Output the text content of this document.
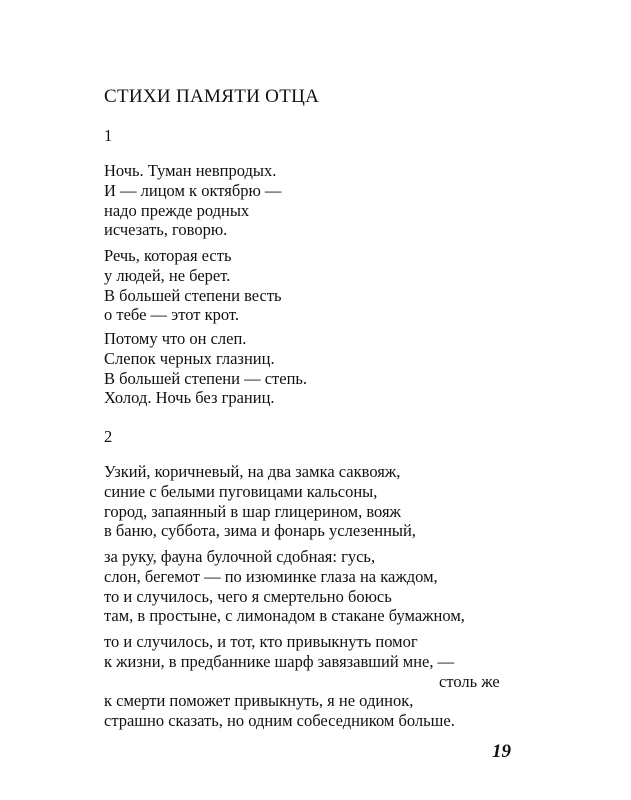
СТИХИ ПАМЯТИ ОТЦА

1

Ночь. Туман невпродых.
И — лицом к октябрю —
надо прежде родных
исчезать, говорю.
Речь, которая есть
у людей, не берет.
В большей степени весть
о тебе — этот крот.
Потому что он слеп.
Слепок черных глазниц.
В большей степени — степь.
Холод. Ночь без границ.

2

Узкий, коричневый, на два замка саквояж,
синие с белыми пуговицами кальсоны,
город, запаянный в шар глицерином, вояж
в баню, суббота, зима и фонарь услезенный,
за руку, фауна булочной сдобная: гусь,
слон, бегемот — по изюминке глаза на каждом,
то и случилось, чего я смертельно боюсь
там, в простыне, с лимонадом в стакане бумажном,
то и случилось, и тот, кто привыкнуть помог
к жизни, в предбаннике шарф завязавший мне, —
столь же
к смерти поможет привыкнуть, я не одинок,
страшно сказать, но одним собеседником больше.

19
